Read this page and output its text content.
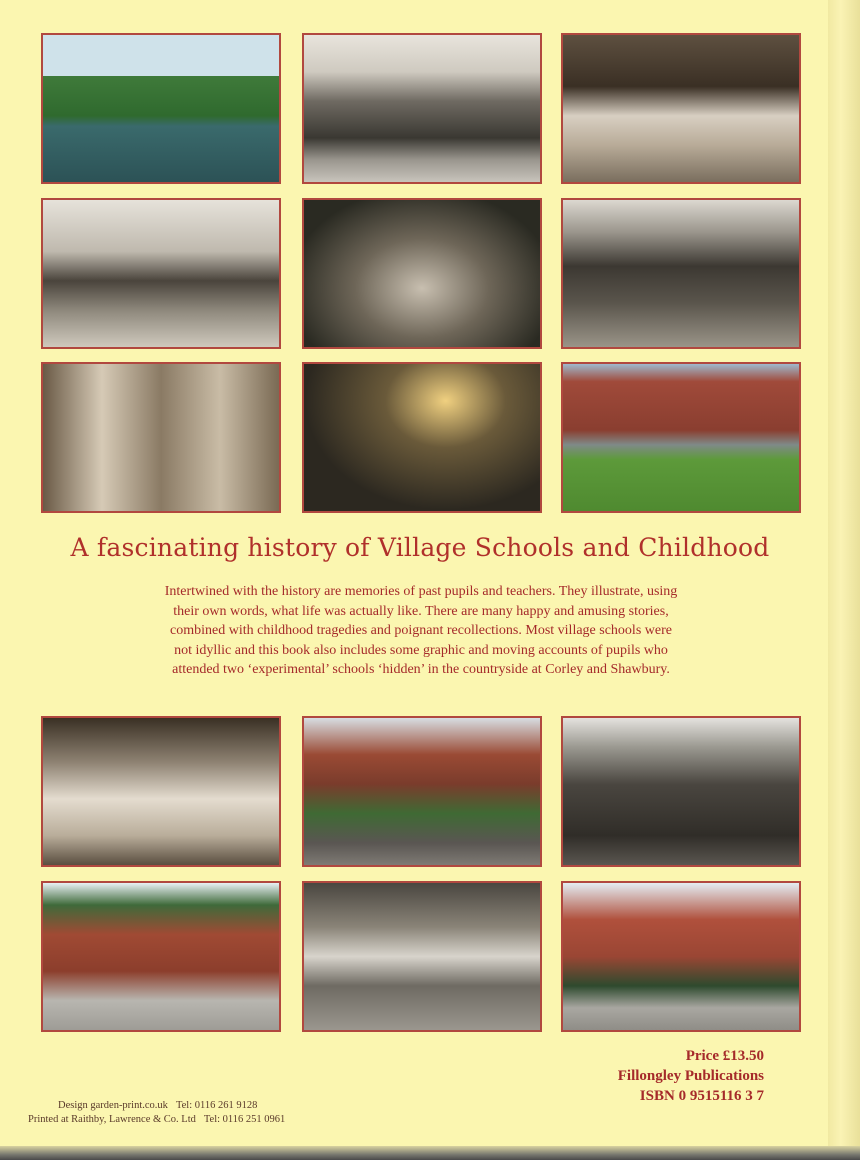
A fascinating history of Village Schools and Childhood

Intertwined with the history are memories of past pupils and teachers. They illustrate, using
their own words, what life was actually like. There are many happy and amusing stories,
combined with childhood tragedies and poignant recollections. Most village schools were
not idyllic and this book also includes some graphic and moving accounts of pupils who
attended two ‘experimental’ schools ‘hidden’ in the countryside at Corley and Shawbury.

Price £13.50
Fillongley Publications
ISBN 0 9515116 3 7
Design garden-print.co.uk Tel: 0116 261 9128
Printed at Raithby, Lawrence & Co. Ltd Tel: 0116 251 0961
